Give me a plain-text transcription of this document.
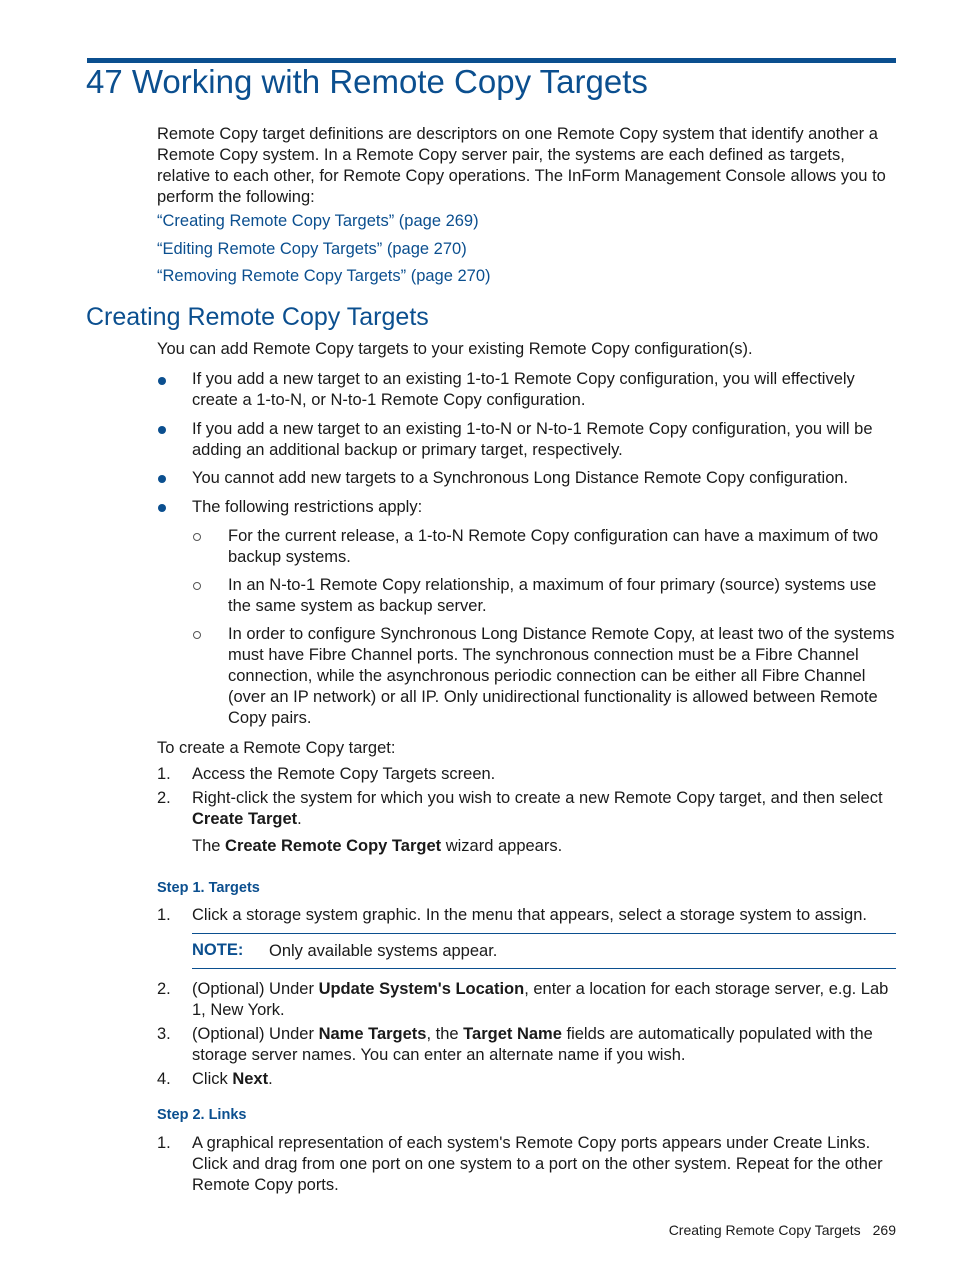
47 Working with Remote Copy Targets

Remote Copy target definitions are descriptors on one Remote Copy system that identify another a Remote Copy system. In a Remote Copy server pair, the systems are each defined as targets, relative to each other, for Remote Copy operations. The InForm Management Console allows you to perform the following:

“Creating Remote Copy Targets” (page 269)
“Editing Remote Copy Targets” (page 270)
“Removing Remote Copy Targets” (page 270)
Creating Remote Copy Targets

You can add Remote Copy targets to your existing Remote Copy configuration(s).

If you add a new target to an existing 1-to-1 Remote Copy configuration, you will effectively create a 1-to-N, or N-to-1 Remote Copy configuration.

If you add a new target to an existing 1-to-N or N-to-1 Remote Copy configuration, you will be adding an additional backup or primary target, respectively.

You cannot add new targets to a Synchronous Long Distance Remote Copy configuration.

The following restrictions apply:

For the current release, a 1-to-N Remote Copy configuration can have a maximum of two backup systems.

In an N-to-1 Remote Copy relationship, a maximum of four primary (source) systems use the same system as backup server.

In order to configure Synchronous Long Distance Remote Copy, at least two of the systems must have Fibre Channel ports. The synchronous connection must be a Fibre Channel connection, while the asynchronous periodic connection can be either all Fibre Channel (over an IP network) or all IP. Only unidirectional functionality is allowed between Remote Copy pairs.

To create a Remote Copy target:

1. Access the Remote Copy Targets screen.

2. Right-click the system for which you wish to create a new Remote Copy target, and then select Create Target.

The Create Remote Copy Target wizard appears.

Step 1. Targets
1. Click a storage system graphic. In the menu that appears, select a storage system to assign.

NOTE: Only available systems appear.

2. (Optional) Under Update System's Location, enter a location for each storage server, e.g. Lab 1, New York.

3. (Optional) Under Name Targets, the Target Name fields are automatically populated with the storage server names. You can enter an alternate name if you wish.

4. Click Next.

Step 2. Links
1. A graphical representation of each system's Remote Copy ports appears under Create Links. Click and drag from one port on one system to a port on the other system. Repeat for the other Remote Copy ports.

Creating Remote Copy Targets 269
